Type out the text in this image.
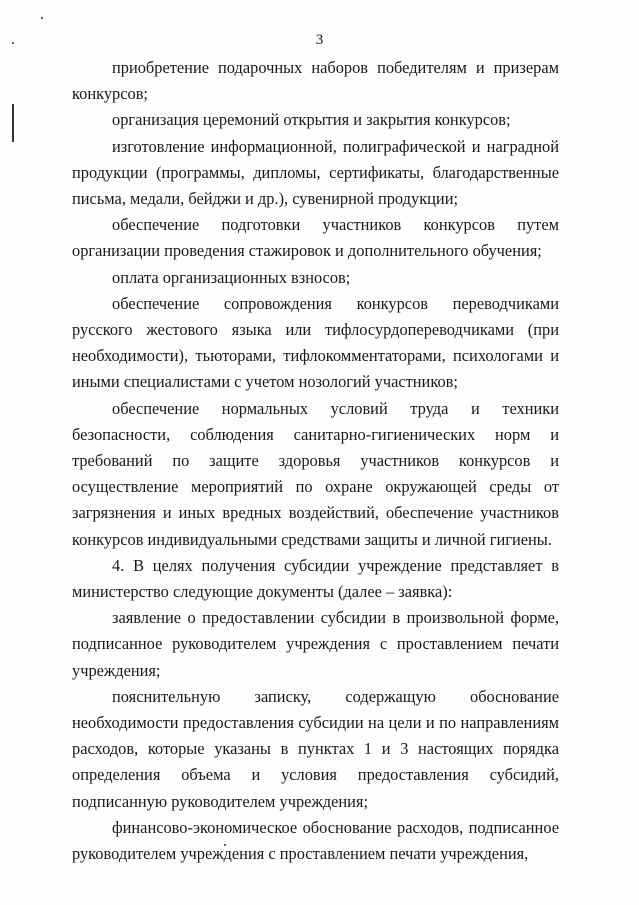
3

приобретение подарочных наборов победителям и призерам конкурсов;

организация церемоний открытия и закрытия конкурсов;

изготовление информационной, полиграфической и наградной продукции (программы, дипломы, сертификаты, благодарственные письма, медали, бейджи и др.), сувенирной продукции;

обеспечение подготовки участников конкурсов путем организации проведения стажировок и дополнительного обучения;

оплата организационных взносов;

обеспечение сопровождения конкурсов переводчиками русского жестового языка или тифлосурдопереводчиками (при необходимости), тьюторами, тифлокомментаторами, психологами и иными специалистами с учетом нозологий участников;

обеспечение нормальных условий труда и техники безопасности, соблюдения санитарно-гигиенических норм и требований по защите здоровья участников конкурсов и осуществление мероприятий по охране окружающей среды от загрязнения и иных вредных воздействий, обеспечение участников конкурсов индивидуальными средствами защиты и личной гигиены.

4. В целях получения субсидии учреждение представляет в министерство следующие документы (далее – заявка):

заявление о предоставлении субсидии в произвольной форме, подписанное руководителем учреждения с проставлением печати учреждения;

пояснительную записку, содержащую обоснование необходимости предоставления субсидии на цели и по направлениям расходов, которые указаны в пунктах 1 и 3 настоящих порядка определения объема и условия предоставления субсидий, подписанную руководителем учреждения;

финансово-экономическое обоснование расходов, подписанное руководителем учреждения с проставлением печати учреждения,
